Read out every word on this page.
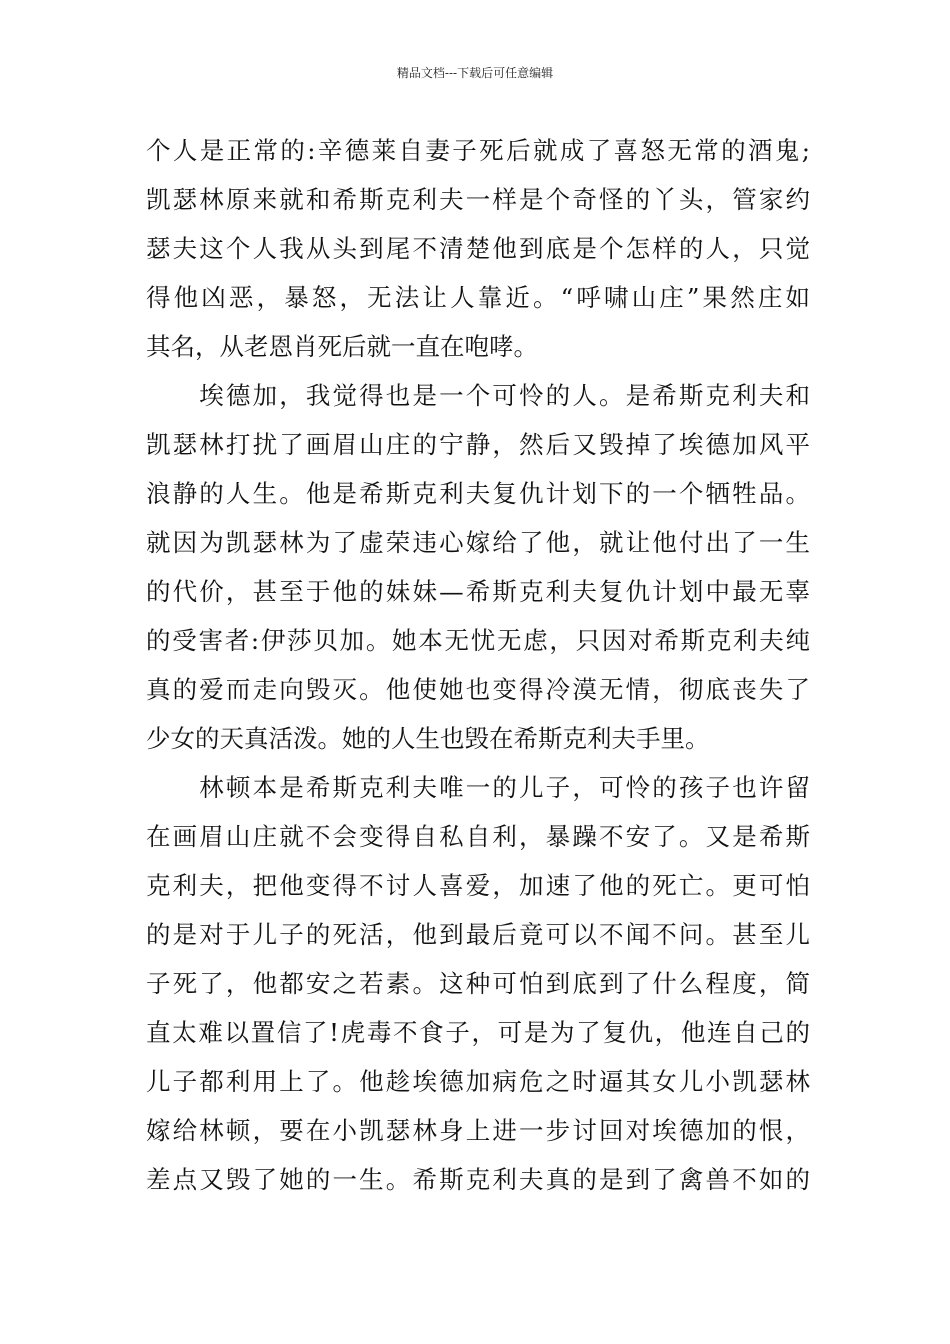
精品文档---下载后可任意编辑
个人是正常的:辛德莱自妻子死后就成了喜怒无常的酒鬼;
凯瑟林原来就和希斯克利夫一样是个奇怪的丫头，管家约
瑟夫这个人我从头到尾不清楚他到底是个怎样的人，只觉
得他凶恶，暴怒，无法让人靠近。“呼啸山庄”果然庄如
其名，从老恩肖死后就一直在咆哮。
　　埃德加，我觉得也是一个可怜的人。是希斯克利夫和
凯瑟林打扰了画眉山庄的宁静，然后又毁掉了埃德加风平
浪静的人生。他是希斯克利夫复仇计划下的一个牺牲品。
就因为凯瑟林为了虚荣违心嫁给了他，就让他付出了一生
的代价，甚至于他的妹妹—希斯克利夫复仇计划中最无辜
的受害者:伊莎贝加。她本无忧无虑，只因对希斯克利夫纯
真的爱而走向毁灭。他使她也变得冷漠无情，彻底丧失了
少女的天真活泼。她的人生也毁在希斯克利夫手里。
　　林顿本是希斯克利夫唯一的儿子，可怜的孩子也许留
在画眉山庄就不会变得自私自利，暴躁不安了。又是希斯
克利夫，把他变得不讨人喜爱，加速了他的死亡。更可怕
的是对于儿子的死活，他到最后竟可以不闻不问。甚至儿
子死了，他都安之若素。这种可怕到底到了什么程度，简
直太难以置信了!虎毒不食子，可是为了复仇，他连自己的
儿子都利用上了。他趁埃德加病危之时逼其女儿小凯瑟林
嫁给林顿，要在小凯瑟林身上进一步讨回对埃德加的恨，
差点又毁了她的一生。希斯克利夫真的是到了禽兽不如的
